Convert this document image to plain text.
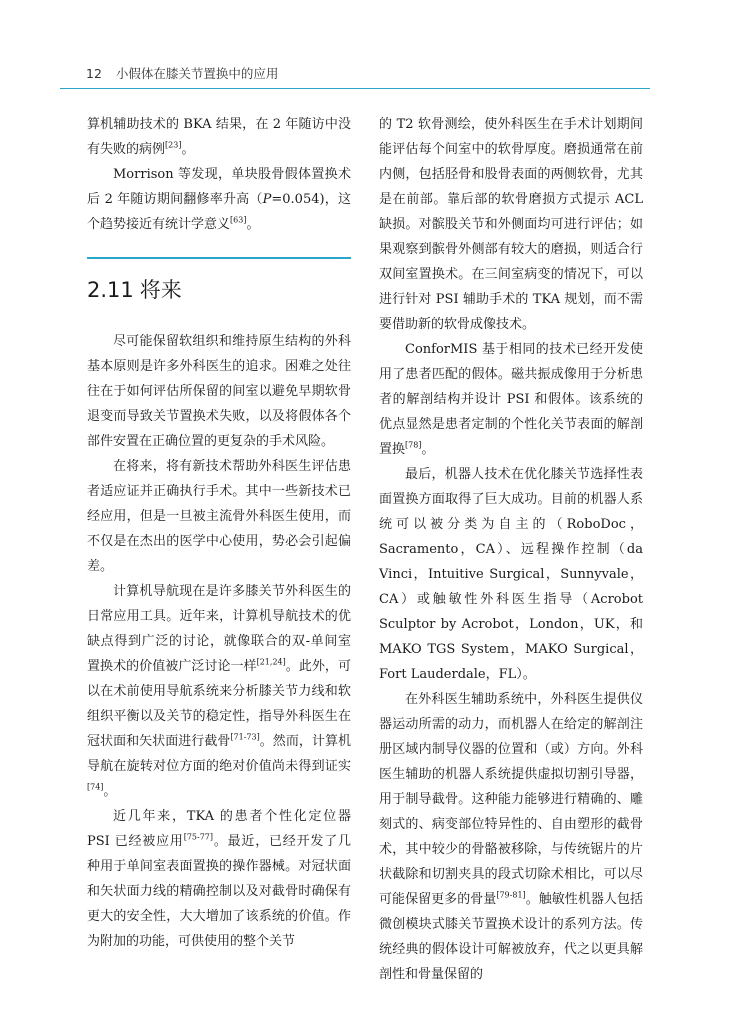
12 小假体在膝关节置换中的应用

算机辅助技术的 BKA 结果，在 2 年随访中没有失败的病例[23]。

Morrison 等发现，单块股骨假体置换术后 2 年随访期间翻修率升高（P=0.054)，这个趋势接近有统计学意义[63]。

2.11 将来

尽可能保留软组织和维持原生结构的外科基本原则是许多外科医生的追求。困难之处往往在于如何评估所保留的间室以避免早期软骨退变而导致关节置换术失败，以及将假体各个部件安置在正确位置的更复杂的手术风险。

在将来，将有新技术帮助外科医生评估患者适应证并正确执行手术。其中一些新技术已经应用，但是一旦被主流骨外科医生使用，而不仅是在杰出的医学中心使用，势必会引起偏差。

计算机导航现在是许多膝关节外科医生的日常应用工具。近年来，计算机导航技术的优缺点得到广泛的讨论，就像联合的双-单间室置换术的价值被广泛讨论一样[21,24]。此外，可以在术前使用导航系统来分析膝关节力线和软组织平衡以及关节的稳定性，指导外科医生在冠状面和矢状面进行截骨[71-73]。然而，计算机导航在旋转对位方面的绝对价值尚未得到证实[74]。

近几年来，TKA 的患者个性化定位器 PSI 已经被应用[75-77]。最近，已经开发了几种用于单间室表面置换的操作器械。对冠状面和矢状面力线的精确控制以及对截骨时确保有更大的安全性，大大增加了该系统的价值。作为附加的功能，可供使用的整个关节

的 T2 软骨测绘，使外科医生在手术计划期间能评估每个间室中的软骨厚度。磨损通常在前内侧，包括胫骨和股骨表面的两侧软骨，尤其是在前部。靠后部的软骨磨损方式提示 ACL 缺损。对髌股关节和外侧面均可进行评估；如果观察到髌骨外侧部有较大的磨损，则适合行双间室置换术。在三间室病变的情况下，可以进行针对 PSI 辅助手术的 TKA 规划，而不需要借助新的软骨成像技术。

ConforMIS 基于相同的技术已经开发使用了患者匹配的假体。磁共振成像用于分析患者的解剖结构并设计 PSI 和假体。该系统的优点显然是患者定制的个性化关节表面的解剖置换[78]。

最后，机器人技术在优化膝关节选择性表面置换方面取得了巨大成功。目前的机器人系统可以被分类为自主的（RoboDoc，Sacramento，CA）、远程操作控制（da Vinci，Intuitive Surgical，Sunnyvale，CA）或触敏性外科医生指导（Acrobot Sculptor by Acrobot，London，UK，和 MAKO TGS System，MAKO Surgical，Fort Lauderdale，FL）。

在外科医生辅助系统中，外科医生提供仪器运动所需的动力，而机器人在给定的解剖注册区域内制导仪器的位置和（或）方向。外科医生辅助的机器人系统提供虚拟切割引导器，用于制导截骨。这种能力能够进行精确的、雕刻式的、病变部位特异性的、自由塑形的截骨术，其中较少的骨骼被移除，与传统锯片的片状截除和切割夹具的段式切除术相比，可以尽可能保留更多的骨量[79-81]。触敏性机器人包括微创模块式膝关节置换术设计的系列方法。传统经典的假体设计可解被放弃，代之以更具解剖性和骨量保留的
